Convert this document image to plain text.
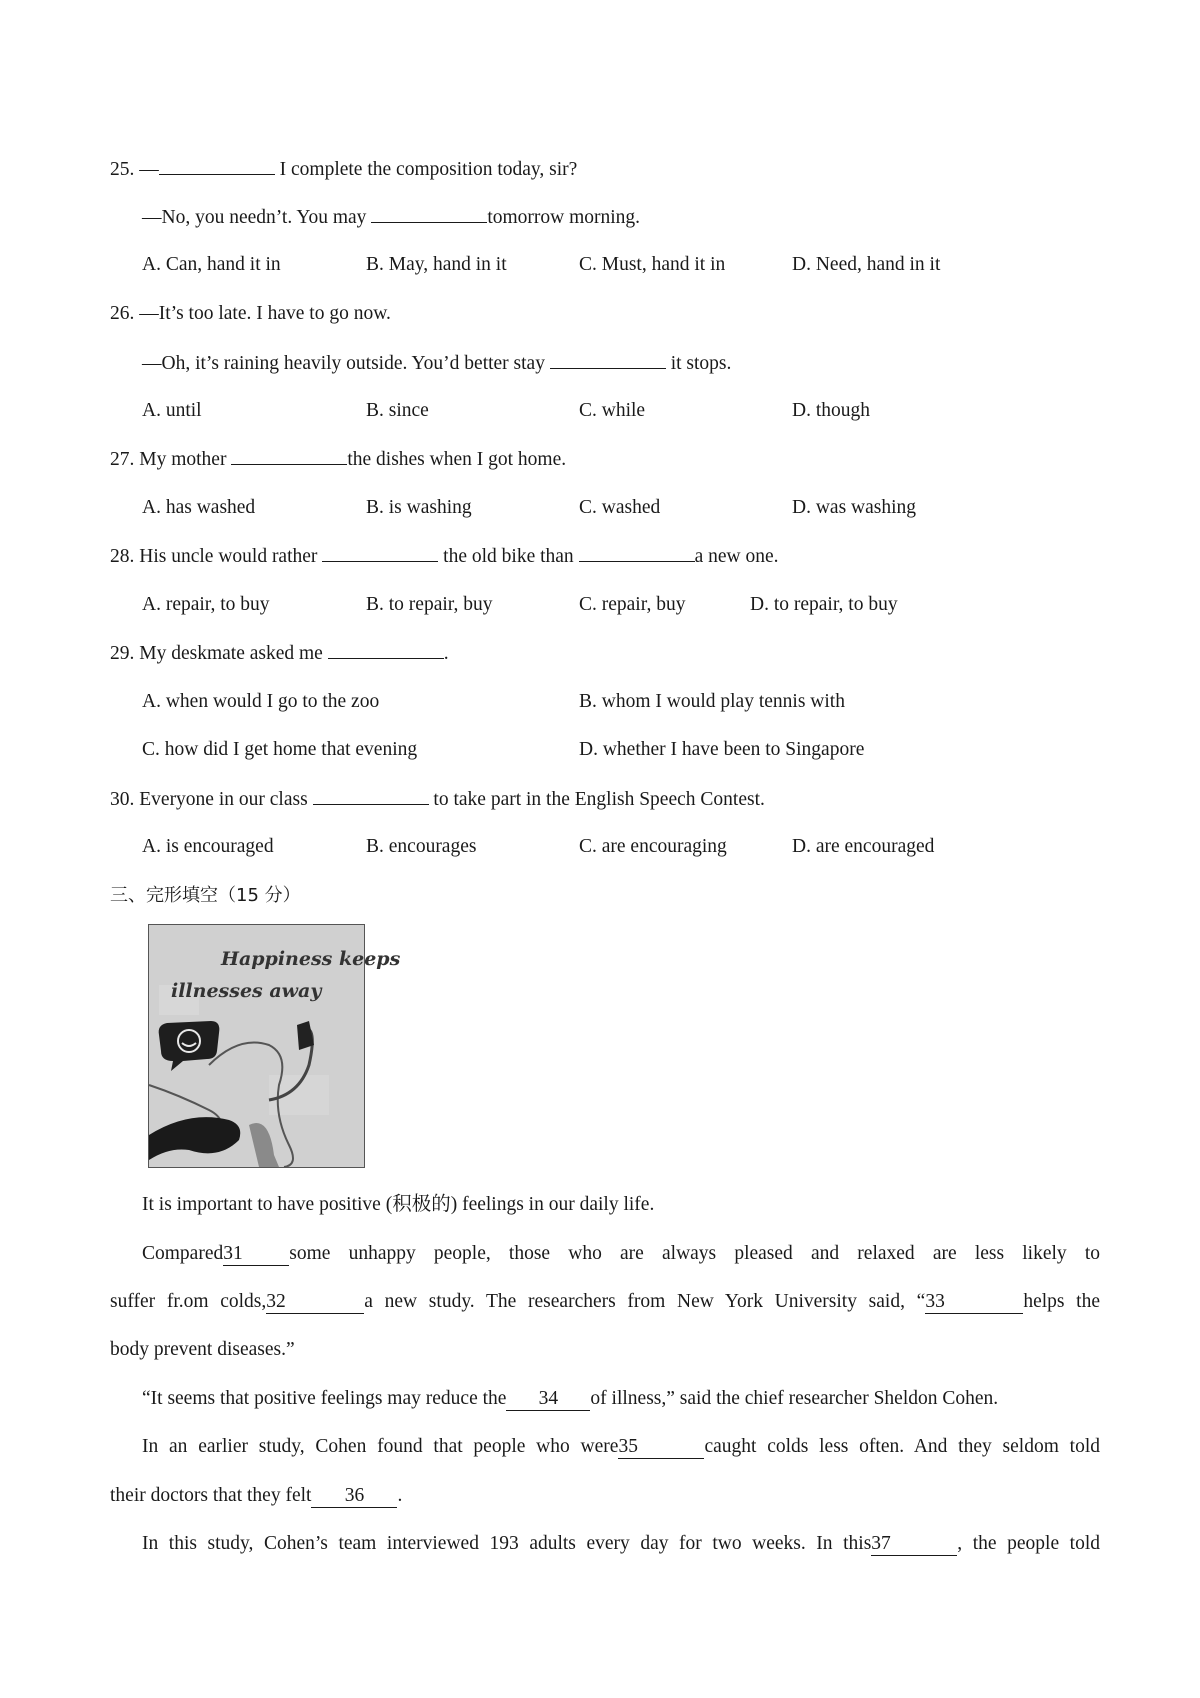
25. —	I complete the composition today, sir?
—No, you needn’t. You may	tomorrow morning.
A. Can, hand it in	B. May, hand in it	C. Must, hand it in	D. Need, hand in it
26. —It’s too late. I have to go now.
—Oh, it’s raining heavily outside. You’d better stay	it stops.
A. until	B. since	C. while	D. though
27. My mother	the dishes when I got home.
A. has washed	B. is washing	C. washed	D. was washing
28. His uncle would rather	the old bike than	a new one.
A. repair, to buy	B. to repair, buy	C. repair, buy	D. to repair, to buy
29. My deskmate asked me	.
A. when would I go to the zoo	B. whom I would play tennis with
C. how did I get home that evening	D. whether I have been to Singapore
30. Everyone in our class	to take part in the English Speech Contest.
A. is encouraged	B. encourages	C. are encouraging	D. are encouraged
三、完形填空（15 分）
Happiness keeps
illnesses away
It is important to have positive (积极的) feelings in our daily life.
Compared31 some unhappy people, those who are always pleased and relaxed are less likely to
suffer fr.om colds,32	a new study. The researchers from New York University said, “33	helps the
body prevent diseases.”
“It seems that positive feelings may reduce the 34 of illness,” said the chief researcher Sheldon Cohen.
In an earlier study, Cohen found that people who were35	caught colds less often. And they seldom told
their doctors that they felt 36 .
In this study, Cohen’s team interviewed 193 adults every day for two weeks. In this37	, the people told
